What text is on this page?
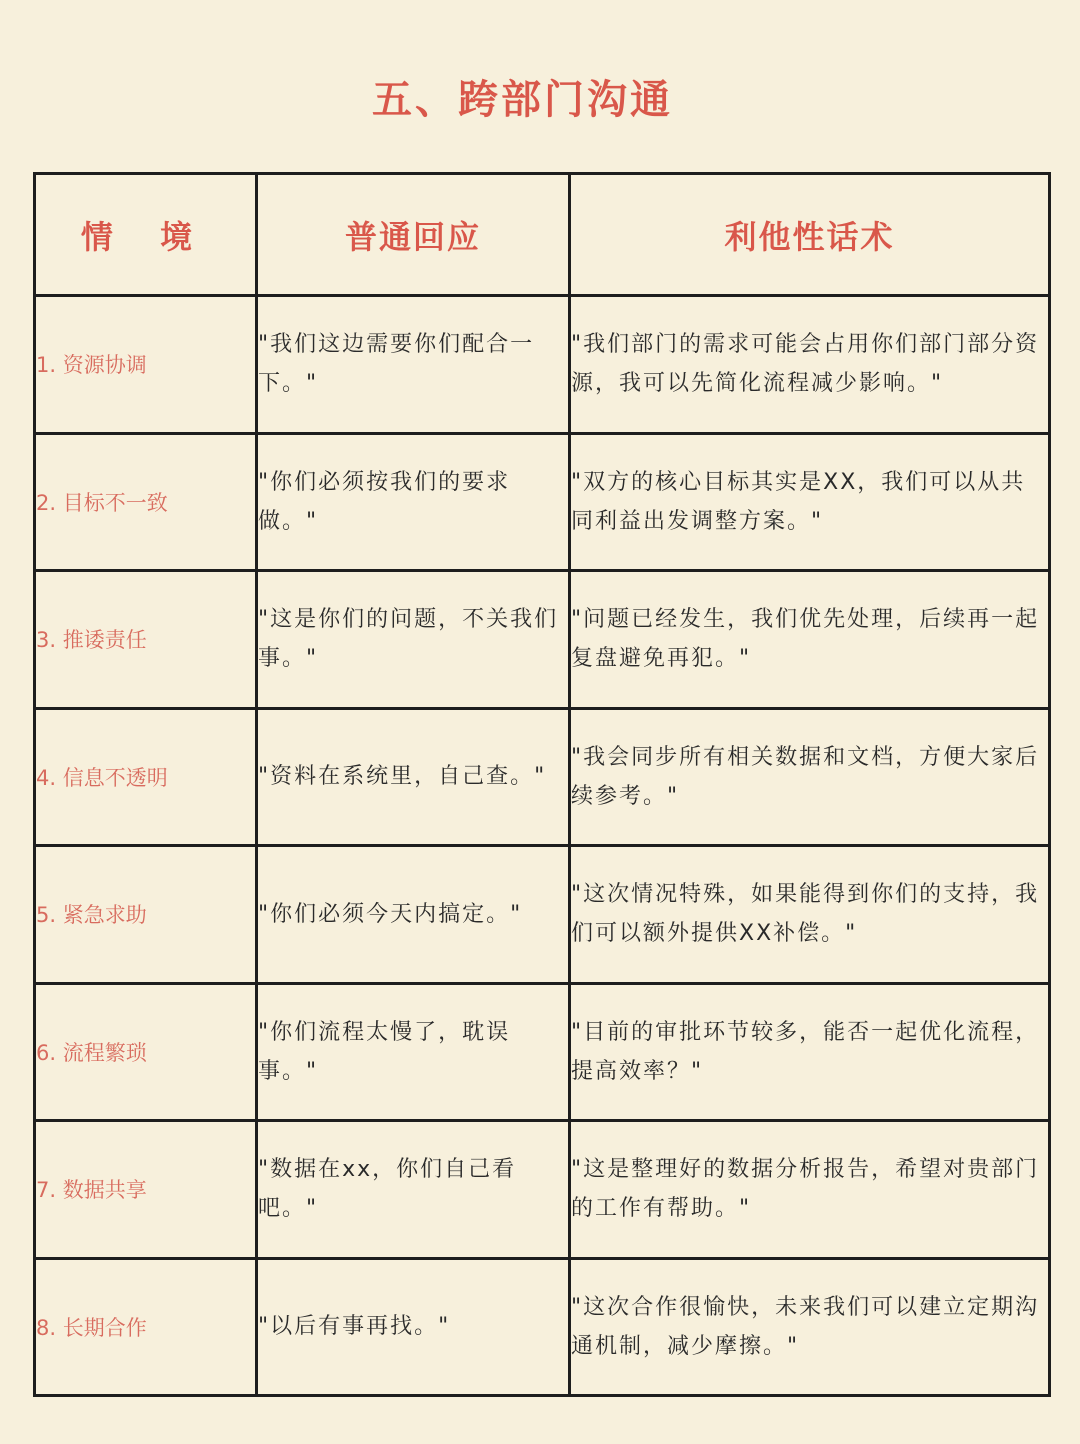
五、跨部门沟通
情 境	普通回应	利他性话术
1. 资源协调	"我们这边需要你们配合一下。"	"我们部门的需求可能会占用你们部门部分资源，我可以先简化流程减少影响。"
2. 目标不一致	"你们必须按我们的要求做。"	"双方的核心目标其实是XX，我们可以从共同利益出发调整方案。"
3. 推诿责任	"这是你们的问题，不关我们事。"	"问题已经发生，我们优先处理，后续再一起复盘避免再犯。"
4. 信息不透明	"资料在系统里，自己查。"	"我会同步所有相关数据和文档，方便大家后续参考。"
5. 紧急求助	"你们必须今天内搞定。"	"这次情况特殊，如果能得到你们的支持，我们可以额外提供XX补偿。"
6. 流程繁琐	"你们流程太慢了，耽误事。"	"目前的审批环节较多，能否一起优化流程，提高效率？"
7. 数据共享	"数据在xx，你们自己看吧。"	"这是整理好的数据分析报告，希望对贵部门的工作有帮助。"
8. 长期合作	"以后有事再找。"	"这次合作很愉快，未来我们可以建立定期沟通机制，减少摩擦。"
